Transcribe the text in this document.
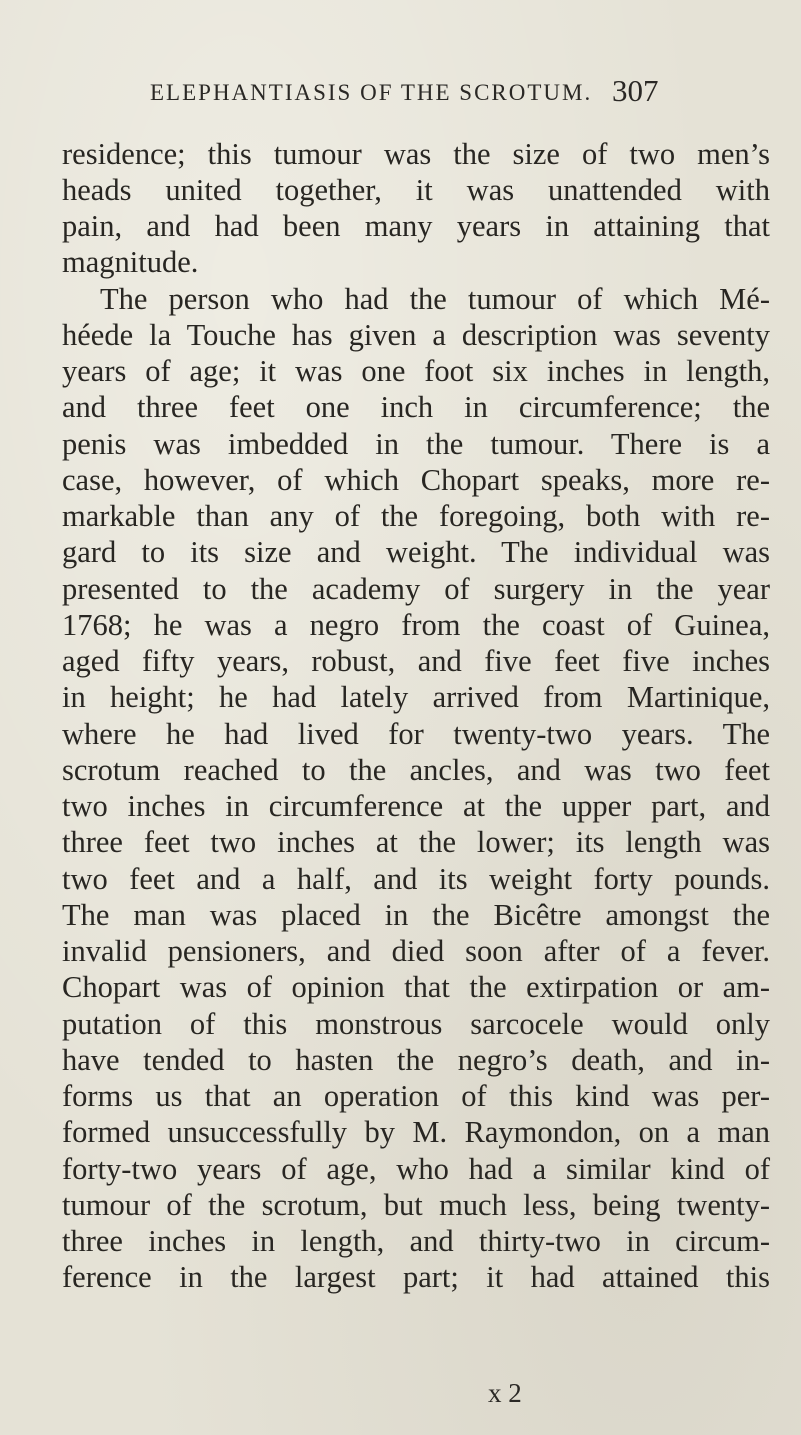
ELEPHANTIASIS OF THE SCROTUM. 307
residence; this tumour was the size of two men’s
heads united together, it was unattended with
pain, and had been many years in attaining that
magnitude.
The person who had the tumour of which Mé-
héede la Touche has given a description was seventy
years of age; it was one foot six inches in length,
and three feet one inch in circumference; the
penis was imbedded in the tumour. There is a
case, however, of which Chopart speaks, more re-
markable than any of the foregoing, both with re-
gard to its size and weight. The individual was
presented to the academy of surgery in the year
1768; he was a negro from the coast of Guinea,
aged fifty years, robust, and five feet five inches
in height; he had lately arrived from Martinique,
where he had lived for twenty-two years. The
scrotum reached to the ancles, and was two feet
two inches in circumference at the upper part, and
three feet two inches at the lower; its length was
two feet and a half, and its weight forty pounds.
The man was placed in the Bicêtre amongst the
invalid pensioners, and died soon after of a fever.
Chopart was of opinion that the extirpation or am-
putation of this monstrous sarcocele would only
have tended to hasten the negro’s death, and in-
forms us that an operation of this kind was per-
formed unsuccessfully by M. Raymondon, on a man
forty-two years of age, who had a similar kind of
tumour of the scrotum, but much less, being twenty-
three inches in length, and thirty-two in circum-
ference in the largest part; it had attained this
x 2
